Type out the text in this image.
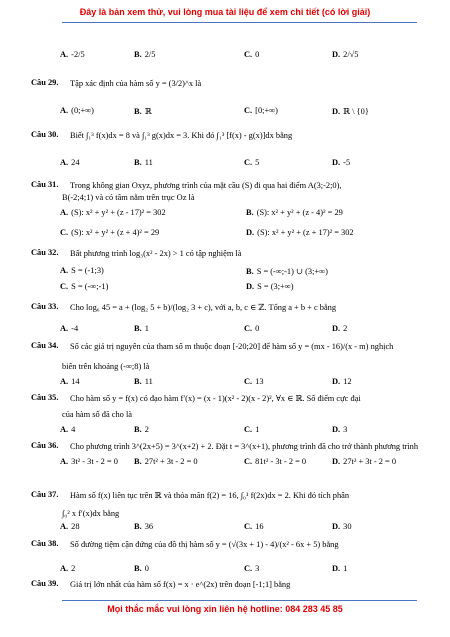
Đây là bản xem thử, vui lòng mua tài liệu để xem chi tiết (có lời giải)
A. -2/5	B. 2/5	C. 0	D. 2/√5
Câu 29. Tập xác định của hàm số y = (3/2)^x là
A. (0;+∞)	B. ℝ	C. [0;+∞)	D. ℝ \ {0}
Câu 30. Biết ∫₁³ f(x)dx = 8 và ∫₁³ g(x)dx = 3. Khi đó ∫₁³ [f(x) - g(x)]dx bằng
A. 24	B. 11	C. 5	D. -5
Câu 31. Trong không gian Oxyz, phương trình của mặt cầu (S) đi qua hai điểm A(3;-2;0),
B(-2;4;1) và có tâm nằm trên trục Oz là
A. (S): x² + y² + (z - 17)² = 302	B. (S): x² + y² + (z - 4)² = 29
C. (S): x² + y² + (z + 4)² = 29	D. (S): x² + y² + (z + 17)² = 302
Câu 32. Bất phương trình log₃(x² - 2x) > 1 có tập nghiệm là
A. S = (-1;3)	B. S = (-∞;-1) ∪ (3;+∞)
C. S = (-∞;-1)	D. S = (3;+∞)
Câu 33. Cho log₆ 45 = a + (log₂ 5 + b)/(log₂ 3 + c), với a, b, c ∈ ℤ. Tổng a + b + c bằng
A. -4	B. 1	C. 0	D. 2
Câu 34. Số các giá trị nguyên của tham số m thuộc đoạn [-20;20] để hàm số y = (mx - 16)/(x - m) nghịch
biến trên khoảng (-∞;8) là
A. 14	B. 11	C. 13	D. 12
Câu 35. Cho hàm số y = f(x) có đạo hàm f′(x) = (x - 1)(x² - 2)(x - 2)², ∀x ∈ ℝ. Số điểm cực đại
của hàm số đã cho là
A. 4	B. 2	C. 1	D. 3
Câu 36. Cho phương trình 3^(2x+5) = 3^(x+2) + 2. Đặt t = 3^(x+1), phương trình đã cho trở thành phương trình
A. 3t² - 3t - 2 = 0 B. 27t² + 3t - 2 = 0	C. 81t² - 3t - 2 = 0	D. 27t² + 3t - 2 = 0
Câu 37. Hàm số f(x) liên tục trên ℝ và thỏa mãn f(2) = 16, ∫₀¹ f(2x)dx = 2. Khi đó tích phân
∫₀² x f′(x)dx bằng
A. 28	B. 36	C. 16	D. 30
Câu 38. Số đường tiệm cận đứng của đồ thị hàm số y = (√(3x + 1) - 4)/(x² - 6x + 5) bằng
A. 2	B. 0	C. 3	D. 1
Câu 39. Giá trị lớn nhất của hàm số f(x) = x · e^(2x) trên đoạn [-1;1] bằng
Mọi thắc mắc vui lòng xin liên hệ hotline: 084 283 45 85
